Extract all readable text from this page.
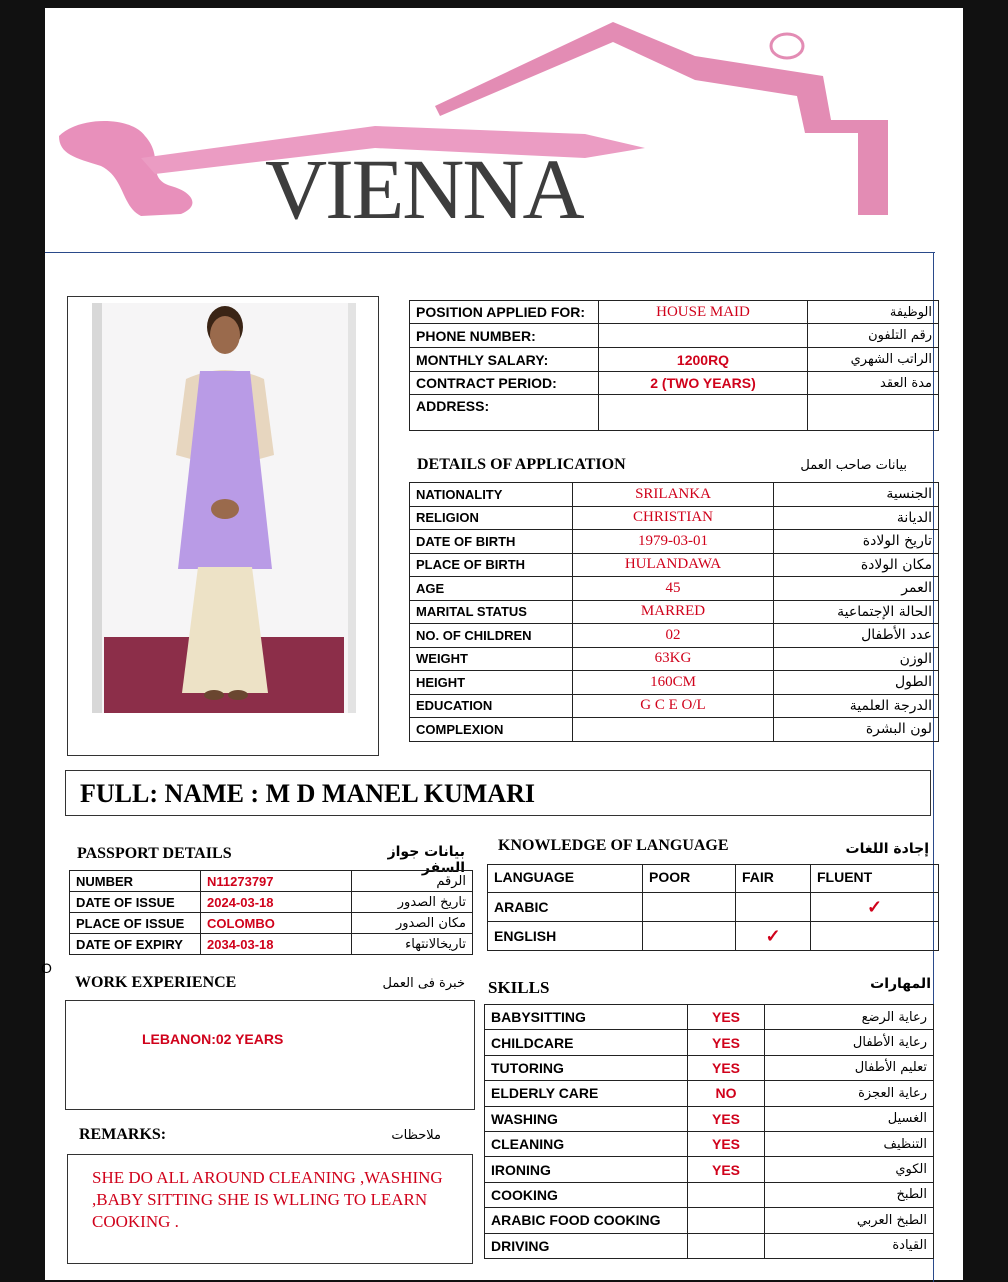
VIENNA
POSITION APPLIED FOR:	HOUSE MAID	الوظيفة
PHONE NUMBER:		رقم التلفون
MONTHLY SALARY:	1200RQ	الراتب الشهري
CONTRACT PERIOD:	2 (TWO YEARS)	مدة العقد
ADDRESS:		
DETAILS OF APPLICATION	بيانات صاحب العمل
NATIONALITY	SRILANKA	الجنسية
RELIGION	CHRISTIAN	الديانة
DATE OF BIRTH	1979-03-01	تاريخ الولادة
PLACE OF BIRTH	HULANDAWA	مكان الولادة
AGE	45	العمر
MARITAL STATUS	MARRED	الحالة الإجتماعية
NO. OF CHILDREN	02	عدد الأطفال
WEIGHT	63KG	الوزن
HEIGHT	160CM	الطول
EDUCATION	G C E O/L	الدرجة العلمية
COMPLEXION		لون البشرة
FULL: NAME : M D MANEL KUMARI
PASSPORT DETAILS	بيانات جواز السفر
NUMBER	N11273797	الرقم
DATE OF ISSUE	2024-03-18	تاريخ الصدور
PLACE OF ISSUE	COLOMBO	مكان الصدور
DATE OF EXPIRY	2034-03-18	تاريخالانتهاء
KNOWLEDGE OF LANGUAGE	إجادة اللغات
LANGUAGE	POOR	FAIR	FLUENT
ARABIC			✓
ENGLISH		✓	
O
WORK EXPERIENCE	خبرة فى العمل
LEBANON:02 YEARS
REMARKS:	ملاحظات
SHE DO ALL AROUND CLEANING ,WASHING ,BABY SITTING SHE IS WLLING TO LEARN COOKING .
SKILLS	المهارات
BABYSITTING	YES	رعاية الرضع
CHILDCARE	YES	رعاية الأطفال
TUTORING	YES	تعليم الأطفال
ELDERLY CARE	NO	رعاية العجزة
WASHING	YES	الغسيل
CLEANING	YES	التنظيف
IRONING	YES	الكوي
COOKING		الطبخ
ARABIC FOOD COOKING		الطبخ العربي
DRIVING		القيادة
